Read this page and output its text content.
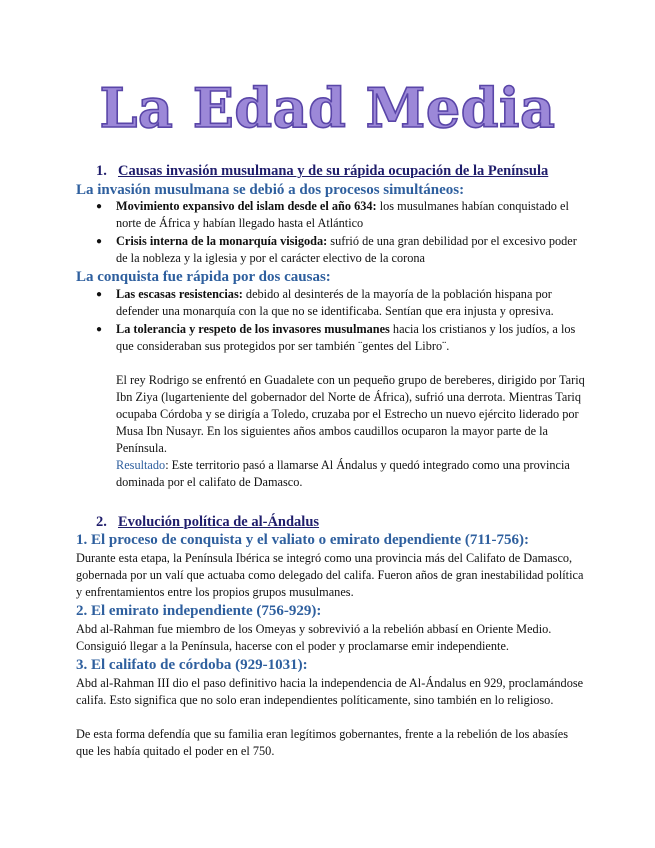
La Edad Media
1. Causas invasión musulmana y de su rápida ocupación de la Península
La invasión musulmana se debió a dos procesos simultáneos:
●	Movimiento expansivo del islam desde el año 634: los musulmanes habían conquistado el norte de África y habían llegado hasta el Atlántico
●	Crisis interna de la monarquía visigoda: sufrió de una gran debilidad por el excesivo poder de la nobleza y la iglesia y por el carácter electivo de la corona
La conquista fue rápida por dos causas:
●	Las escasas resistencias: debido al desinterés de la mayoría de la población hispana por defender una monarquía con la que no se identificaba. Sentían que era injusta y opresiva.
●	La tolerancia y respeto de los invasores musulmanes hacia los cristianos y los judíos, a los que consideraban sus protegidos por ser también ¨gentes del Libro¨.
El rey Rodrigo se enfrentó en Guadalete con un pequeño grupo de bereberes, dirigido por Tariq Ibn Ziya (lugarteniente del gobernador del Norte de África), sufrió una derrota. Mientras Tariq ocupaba Córdoba y se dirigía a Toledo, cruzaba por el Estrecho un nuevo ejército liderado por Musa Ibn Nusayr. En los siguientes años ambos caudillos ocuparon la mayor parte de la Península.
Resultado: Este territorio pasó a llamarse Al Ándalus y quedó integrado como una provincia dominada por el califato de Damasco.
2. Evolución política de al-Ándalus
1. El proceso de conquista y el valiato o emirato dependiente (711-756):
Durante esta etapa, la Península Ibérica se integró como una provincia más del Califato de Damasco, gobernada por un valí que actuaba como delegado del califa. Fueron años de gran inestabilidad política y enfrentamientos entre los propios grupos musulmanes.
2. El emirato independiente (756-929):
Abd al-Rahman fue miembro de los Omeyas y sobrevivió a la rebelión abbasí en Oriente Medio. Consiguió llegar a la Península, hacerse con el poder y proclamarse emir independiente.
3. El califato de córdoba (929-1031):
Abd al-Rahman III dio el paso definitivo hacia la independencia de Al-Ándalus en 929, proclamándose califa. Esto significa que no solo eran independientes políticamente, sino también en lo religioso.
De esta forma defendía que su familia eran legítimos gobernantes, frente a la rebelión de los abasíes que les había quitado el poder en el 750.
